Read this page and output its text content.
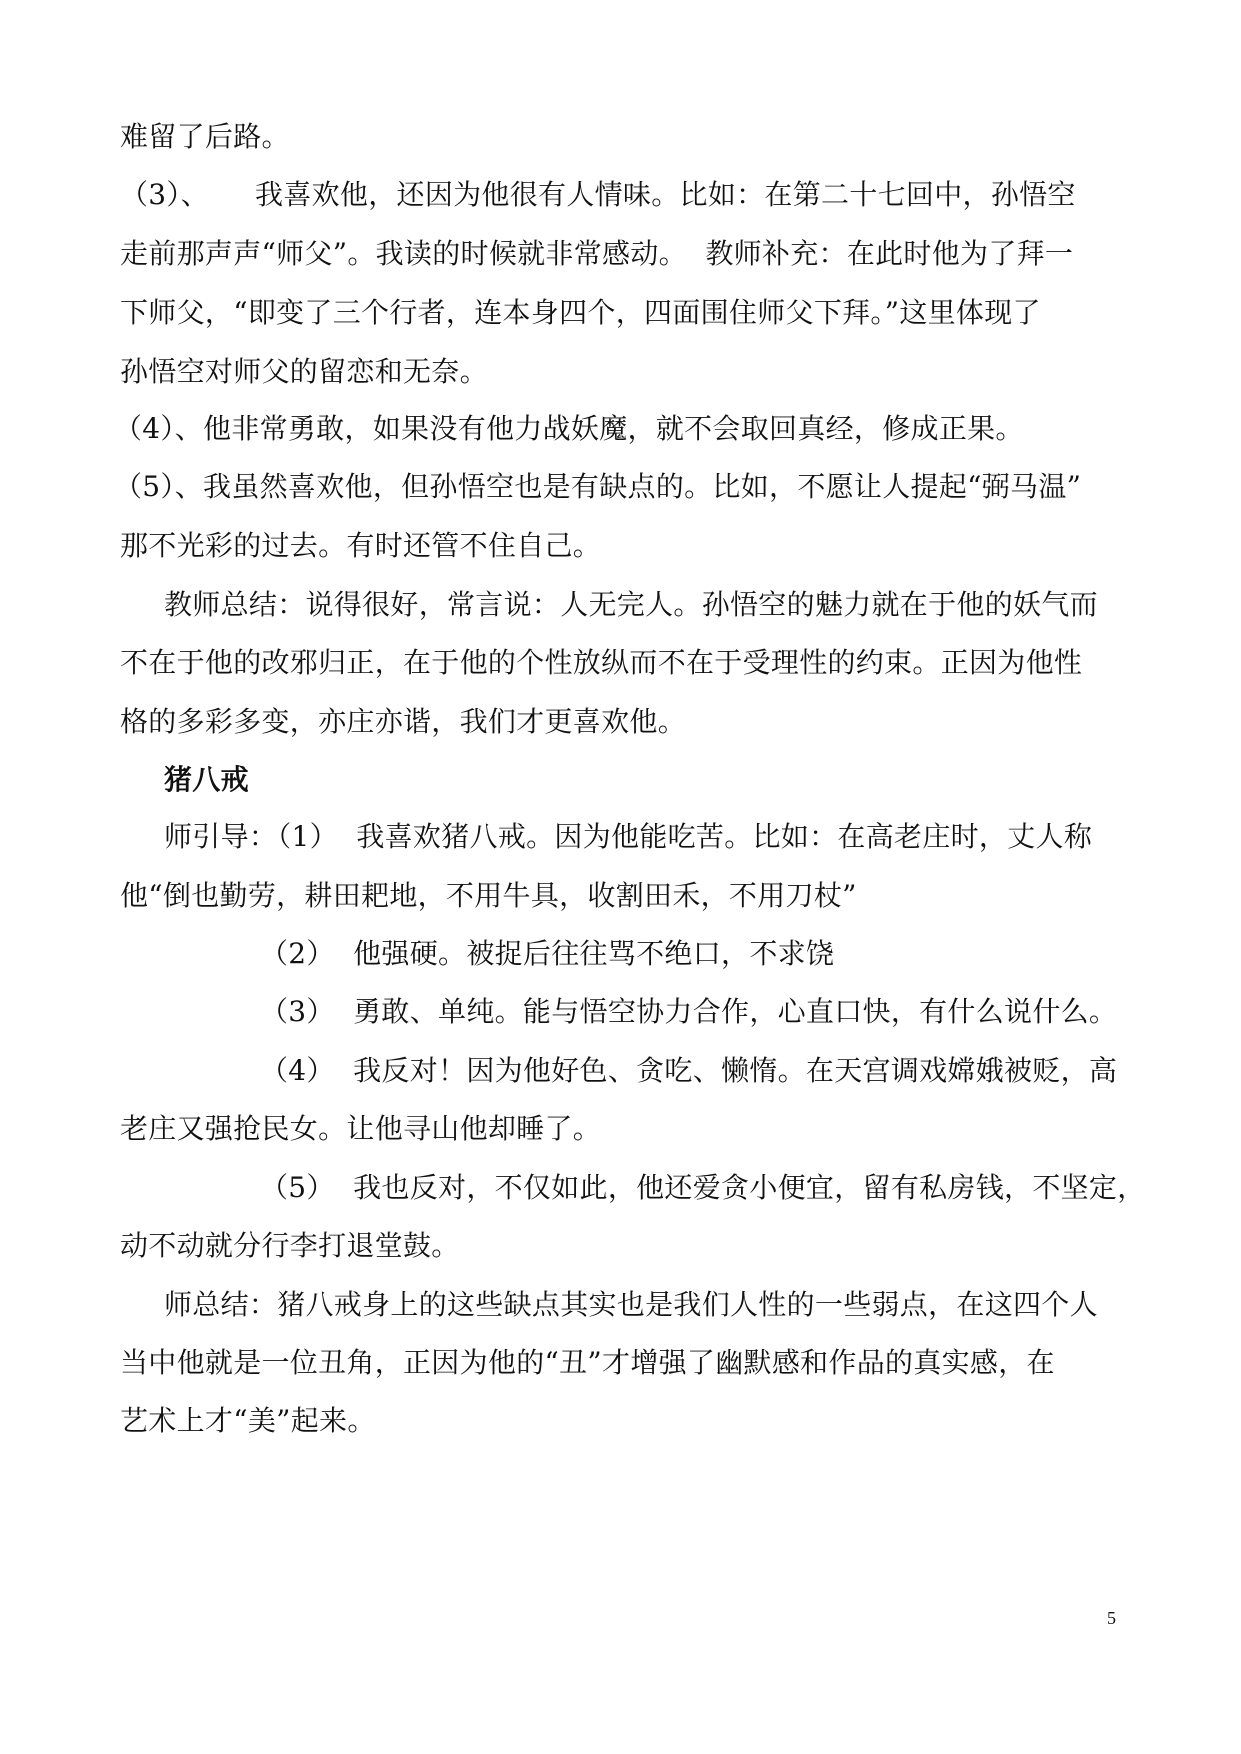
难留了后路。

（3）、     我喜欢他，还因为他很有人情味。比如：在第二十七回中，孙悟空

走前那声声“师父”。我读的时候就非常感动。  教师补充：在此时他为了拜一

下师父，“即变了三个行者，连本身四个，四面围住师父下拜。”这里体现了

孙悟空对师父的留恋和无奈。

（4）、他非常勇敢，如果没有他力战妖魔，就不会取回真经，修成正果。

（5）、我虽然喜欢他，但孙悟空也是有缺点的。比如，不愿让人提起“弼马温”

那不光彩的过去。有时还管不住自己。

教师总结：说得很好，常言说：人无完人。孙悟空的魅力就在于他的妖气而

不在于他的改邪归正，在于他的个性放纵而不在于受理性的约束。正因为他性

格的多彩多变，亦庄亦谐，我们才更喜欢他。

猪八戒

师引导：（1）  我喜欢猪八戒。因为他能吃苦。比如：在高老庄时，丈人称

他“倒也勤劳，耕田耙地，不用牛具，收割田禾，不用刀杖”

（2）  他强硬。被捉后往往骂不绝口，不求饶

（3）  勇敢、单纯。能与悟空协力合作，心直口快，有什么说什么。

（4）  我反对！因为他好色、贪吃、懒惰。在天宫调戏嫦娥被贬，高

老庄又强抢民女。让他寻山他却睡了。

（5）  我也反对，不仅如此，他还爱贪小便宜，留有私房钱，不坚定，

动不动就分行李打退堂鼓。

师总结：猪八戒身上的这些缺点其实也是我们人性的一些弱点，在这四个人

当中他就是一位丑角，正因为他的“丑”才增强了幽默感和作品的真实感，在

艺术上才“美”起来。

5
